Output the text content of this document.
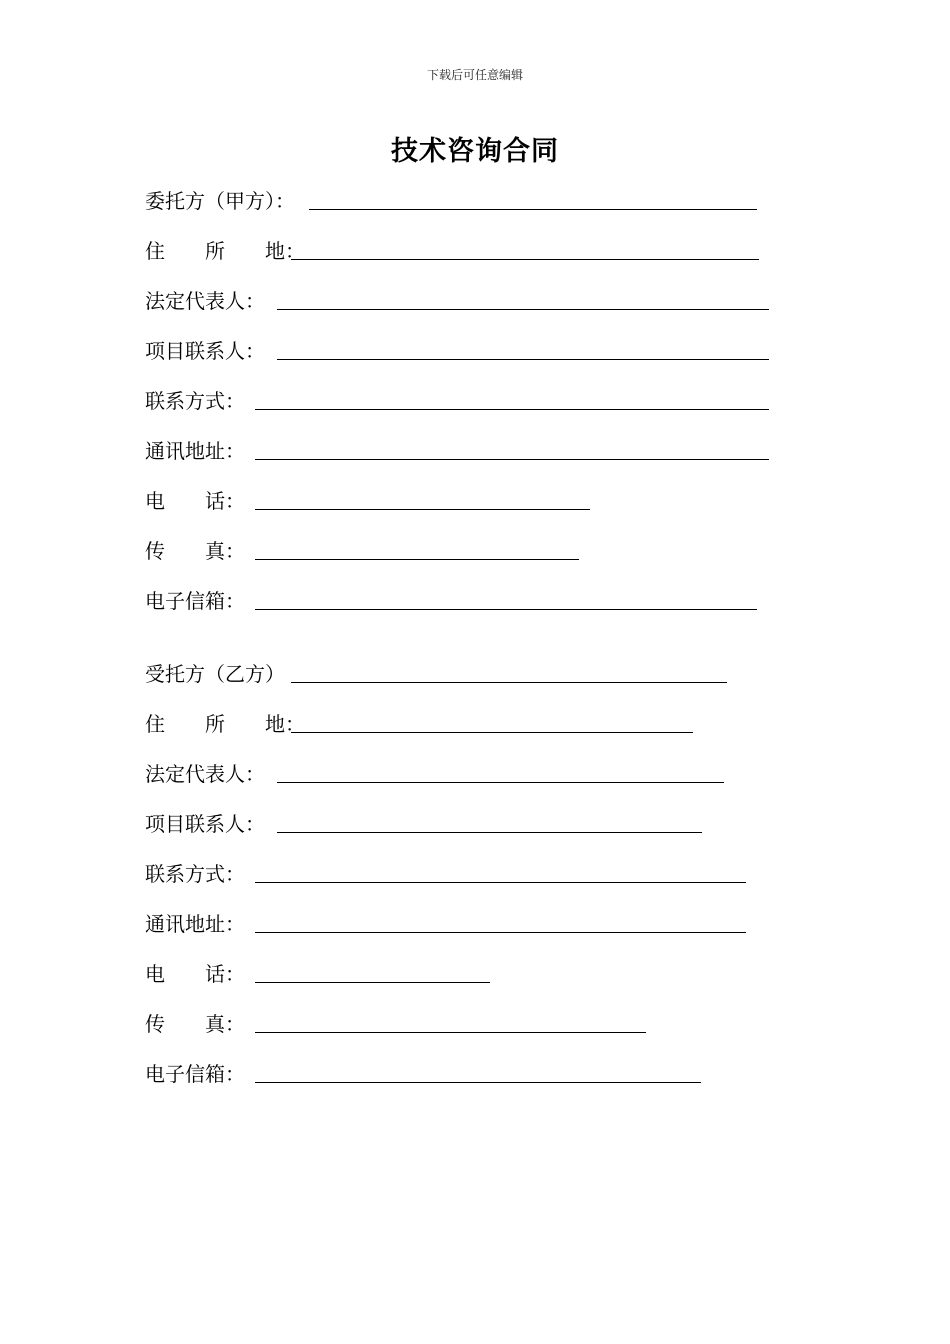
下载后可任意编辑
技术咨询合同
委托方（甲方）：
住　　所　　地：
法定代表人：
项目联系人：
联系方式：
通讯地址：
电　　话：
传　　真：
电子信箱：
受托方（乙方）
住　　所　　地：
法定代表人：
项目联系人：
联系方式：
通讯地址：
电　　话：
传　　真：
电子信箱：
